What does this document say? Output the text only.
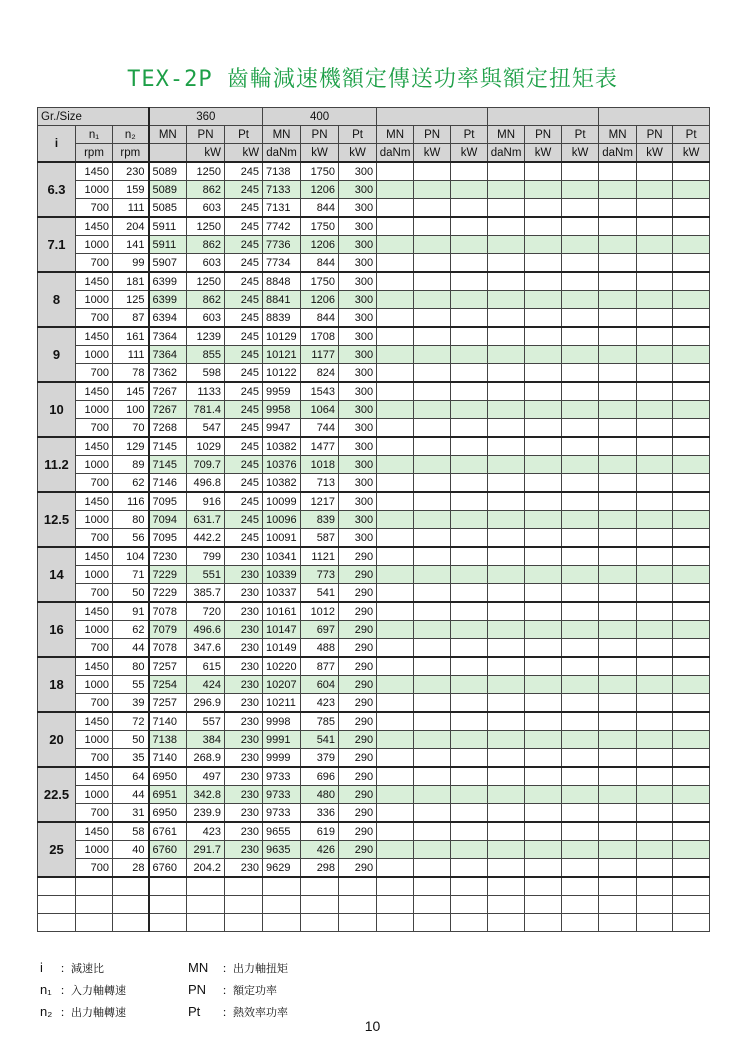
TEX-2P 齒輪減速機額定傳送功率與額定扭矩表
Gr./Size			360			400											
i	n₁	n₂	MN	PN	Pt	MN	PN	Pt	MN	PN	Pt	MN	PN	Pt	MN	PN	Pt
	rpm	rpm		kW	kW	daNm	kW	kW	daNm	kW	kW	daNm	kW	kW	daNm	kW	kW
6.3	1450	230	5089	1250	245	7138	1750	300									
	1000	159	5089	862	245	7133	1206	300									
	700	111	5085	603	245	7131	844	300									
7.1	1450	204	5911	1250	245	7742	1750	300									
	1000	141	5911	862	245	7736	1206	300									
	700	99	5907	603	245	7734	844	300									
8	1450	181	6399	1250	245	8848	1750	300									
	1000	125	6399	862	245	8841	1206	300									
	700	87	6394	603	245	8839	844	300									
9	1450	161	7364	1239	245	10129	1708	300									
	1000	111	7364	855	245	10121	1177	300									
	700	78	7362	598	245	10122	824	300									
10	1450	145	7267	1133	245	9959	1543	300									
	1000	100	7267	781.4	245	9958	1064	300									
	700	70	7268	547	245	9947	744	300									
11.2	1450	129	7145	1029	245	10382	1477	300									
	1000	89	7145	709.7	245	10376	1018	300									
	700	62	7146	496.8	245	10382	713	300									
12.5	1450	116	7095	916	245	10099	1217	300									
	1000	80	7094	631.7	245	10096	839	300									
	700	56	7095	442.2	245	10091	587	300									
14	1450	104	7230	799	230	10341	1121	290									
	1000	71	7229	551	230	10339	773	290									
	700	50	7229	385.7	230	10337	541	290									
16	1450	91	7078	720	230	10161	1012	290									
	1000	62	7079	496.6	230	10147	697	290									
	700	44	7078	347.6	230	10149	488	290									
18	1450	80	7257	615	230	10220	877	290									
	1000	55	7254	424	230	10207	604	290									
	700	39	7257	296.9	230	10211	423	290									
20	1450	72	7140	557	230	9998	785	290									
	1000	50	7138	384	230	9991	541	290									
	700	35	7140	268.9	230	9999	379	290									
22.5	1450	64	6950	497	230	9733	696	290									
	1000	44	6951	342.8	230	9733	480	290									
	700	31	6950	239.9	230	9733	336	290									
25	1450	58	6761	423	230	9655	619	290									
	1000	40	6760	291.7	230	9635	426	290									
	700	28	6760	204.2	230	9629	298	290									

i ：減速比	MN ：出力軸扭矩
n₁ ：入力軸轉速	PN ：額定功率
n₂ ：出力軸轉速	Pt ：熱效率功率
10
